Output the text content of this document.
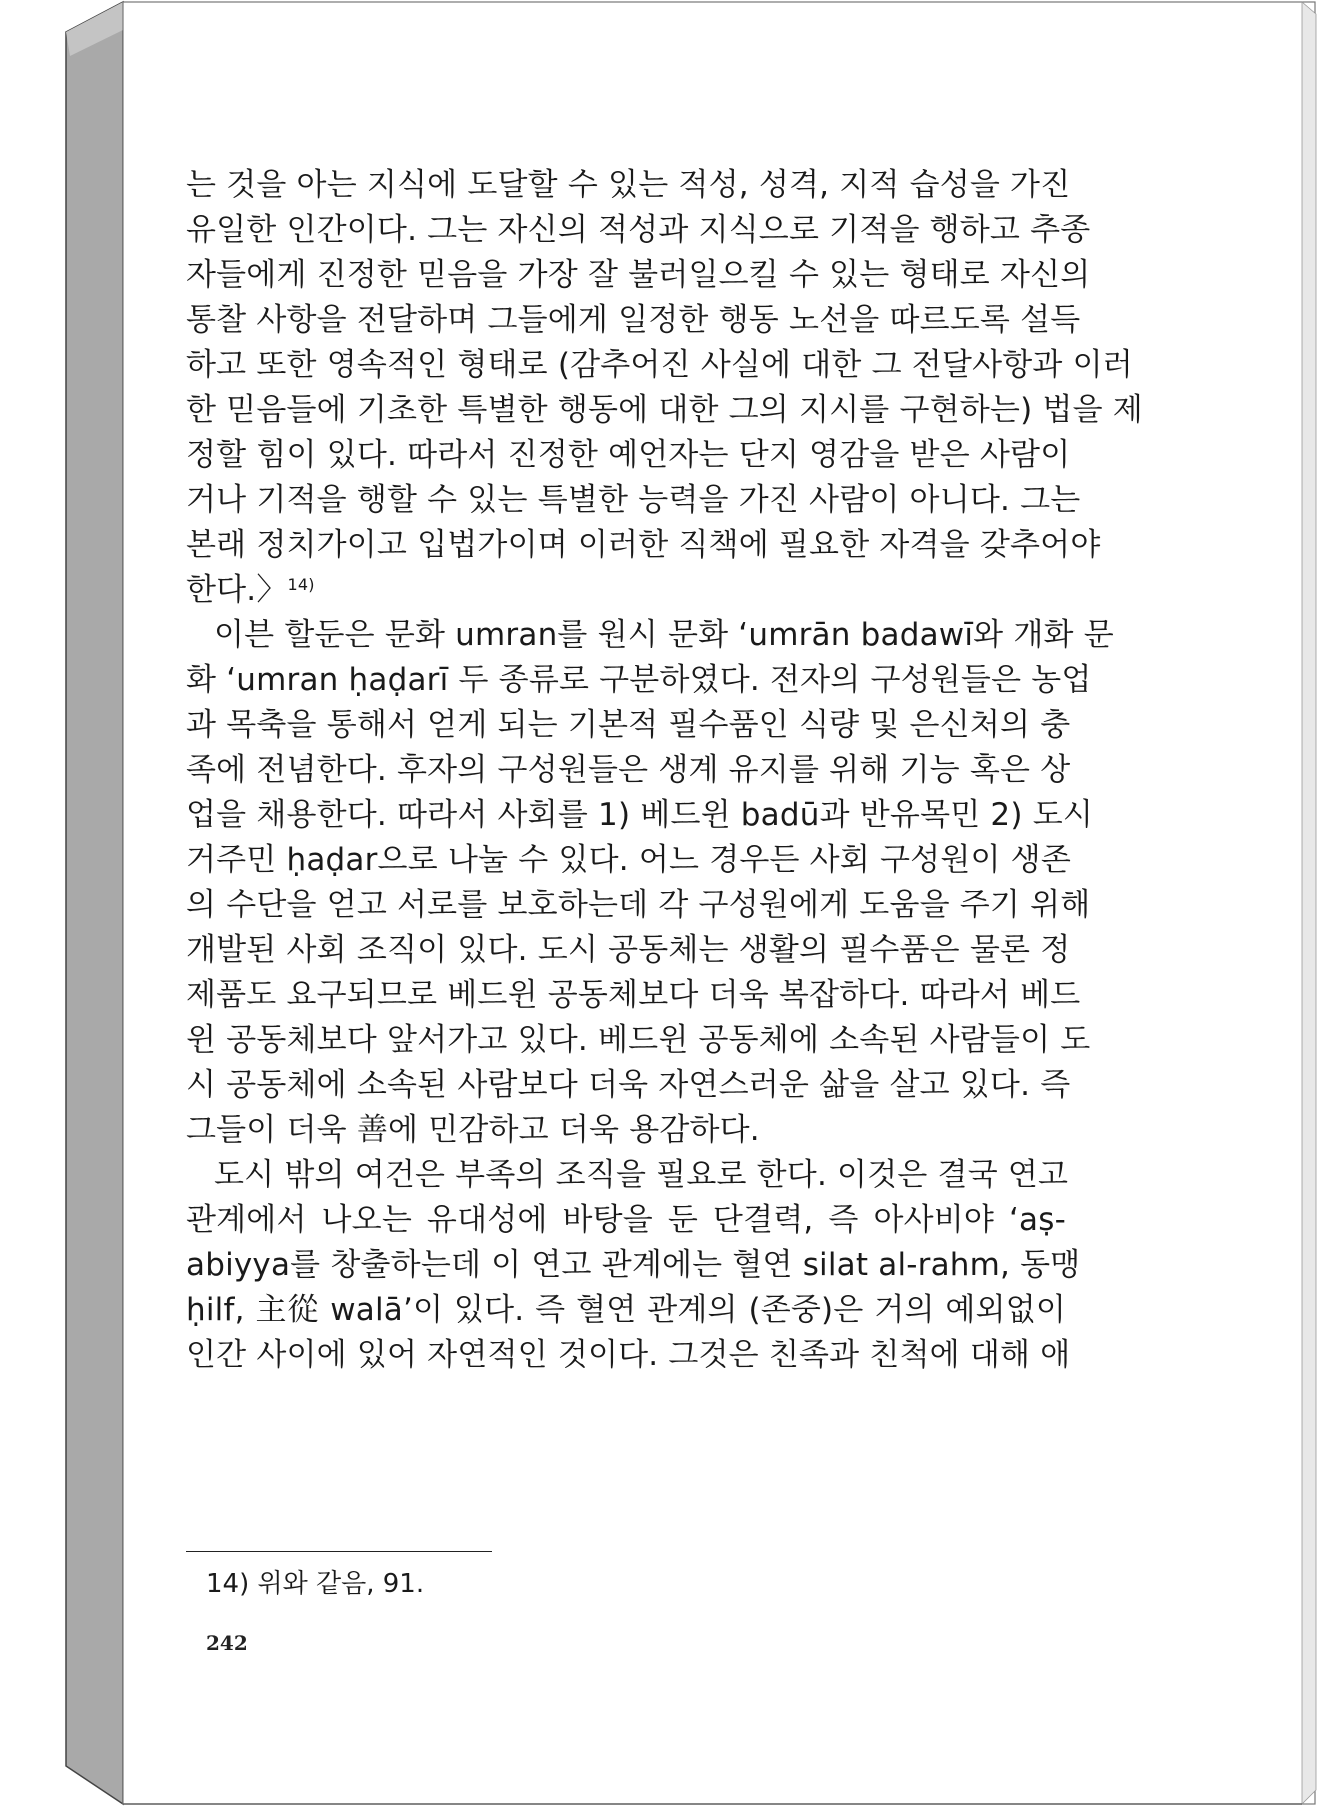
는 것을 아는 지식에 도달할 수 있는 적성, 성격, 지적 습성을 가진
유일한 인간이다. 그는 자신의 적성과 지식으로 기적을 행하고 추종
자들에게 진정한 믿음을 가장 잘 불러일으킬 수 있는 형태로 자신의
통찰 사항을 전달하며 그들에게 일정한 행동 노선을 따르도록 설득
하고 또한 영속적인 형태로 (감추어진 사실에 대한 그 전달사항과 이러
한 믿음들에 기초한 특별한 행동에 대한 그의 지시를 구현하는) 법을 제
정할 힘이 있다. 따라서 진정한 예언자는 단지 영감을 받은 사람이
거나 기적을 행할 수 있는 특별한 능력을 가진 사람이 아니다. 그는
본래 정치가이고 입법가이며 이러한 직책에 필요한 자격을 갖추어야
한다.〉$^{14)}$
이븐 할둔은 문화 umran를 원시 문화 ‘umrān badawī와 개화 문
화 ‘umran ḥaḍarī 두 종류로 구분하였다. 전자의 구성원들은 농업
과 목축을 통해서 얻게 되는 기본적 필수품인 식량 및 은신처의 충
족에 전념한다. 후자의 구성원들은 생계 유지를 위해 기능 혹은 상
업을 채용한다. 따라서 사회를 1) 베드윈 badū과 반유목민 2) 도시
거주민 ḥaḍar으로 나눌 수 있다. 어느 경우든 사회 구성원이 생존
의 수단을 얻고 서로를 보호하는데 각 구성원에게 도움을 주기 위해
개발된 사회 조직이 있다. 도시 공동체는 생활의 필수품은 물론 정
제품도 요구되므로 베드윈 공동체보다 더욱 복잡하다. 따라서 베드
윈 공동체보다 앞서가고 있다. 베드윈 공동체에 소속된 사람들이 도
시 공동체에 소속된 사람보다 더욱 자연스러운 삶을 살고 있다. 즉
그들이 더욱 善에 민감하고 더욱 용감하다.
도시 밖의 여건은 부족의 조직을 필요로 한다. 이것은 결국 연고
관계에서 나오는 유대성에 바탕을 둔 단결력, 즉 아사비야 ‘aṣ-
abiyya를 창출하는데 이 연고 관계에는 혈연 silat al-rahm, 동맹
ḥilf, 主從 walā’이 있다. 즉 혈연 관계의 (존중)은 거의 예외없이
인간 사이에 있어 자연적인 것이다. 그것은 친족과 친척에 대해 애
14) 위와 같음, 91.
242
